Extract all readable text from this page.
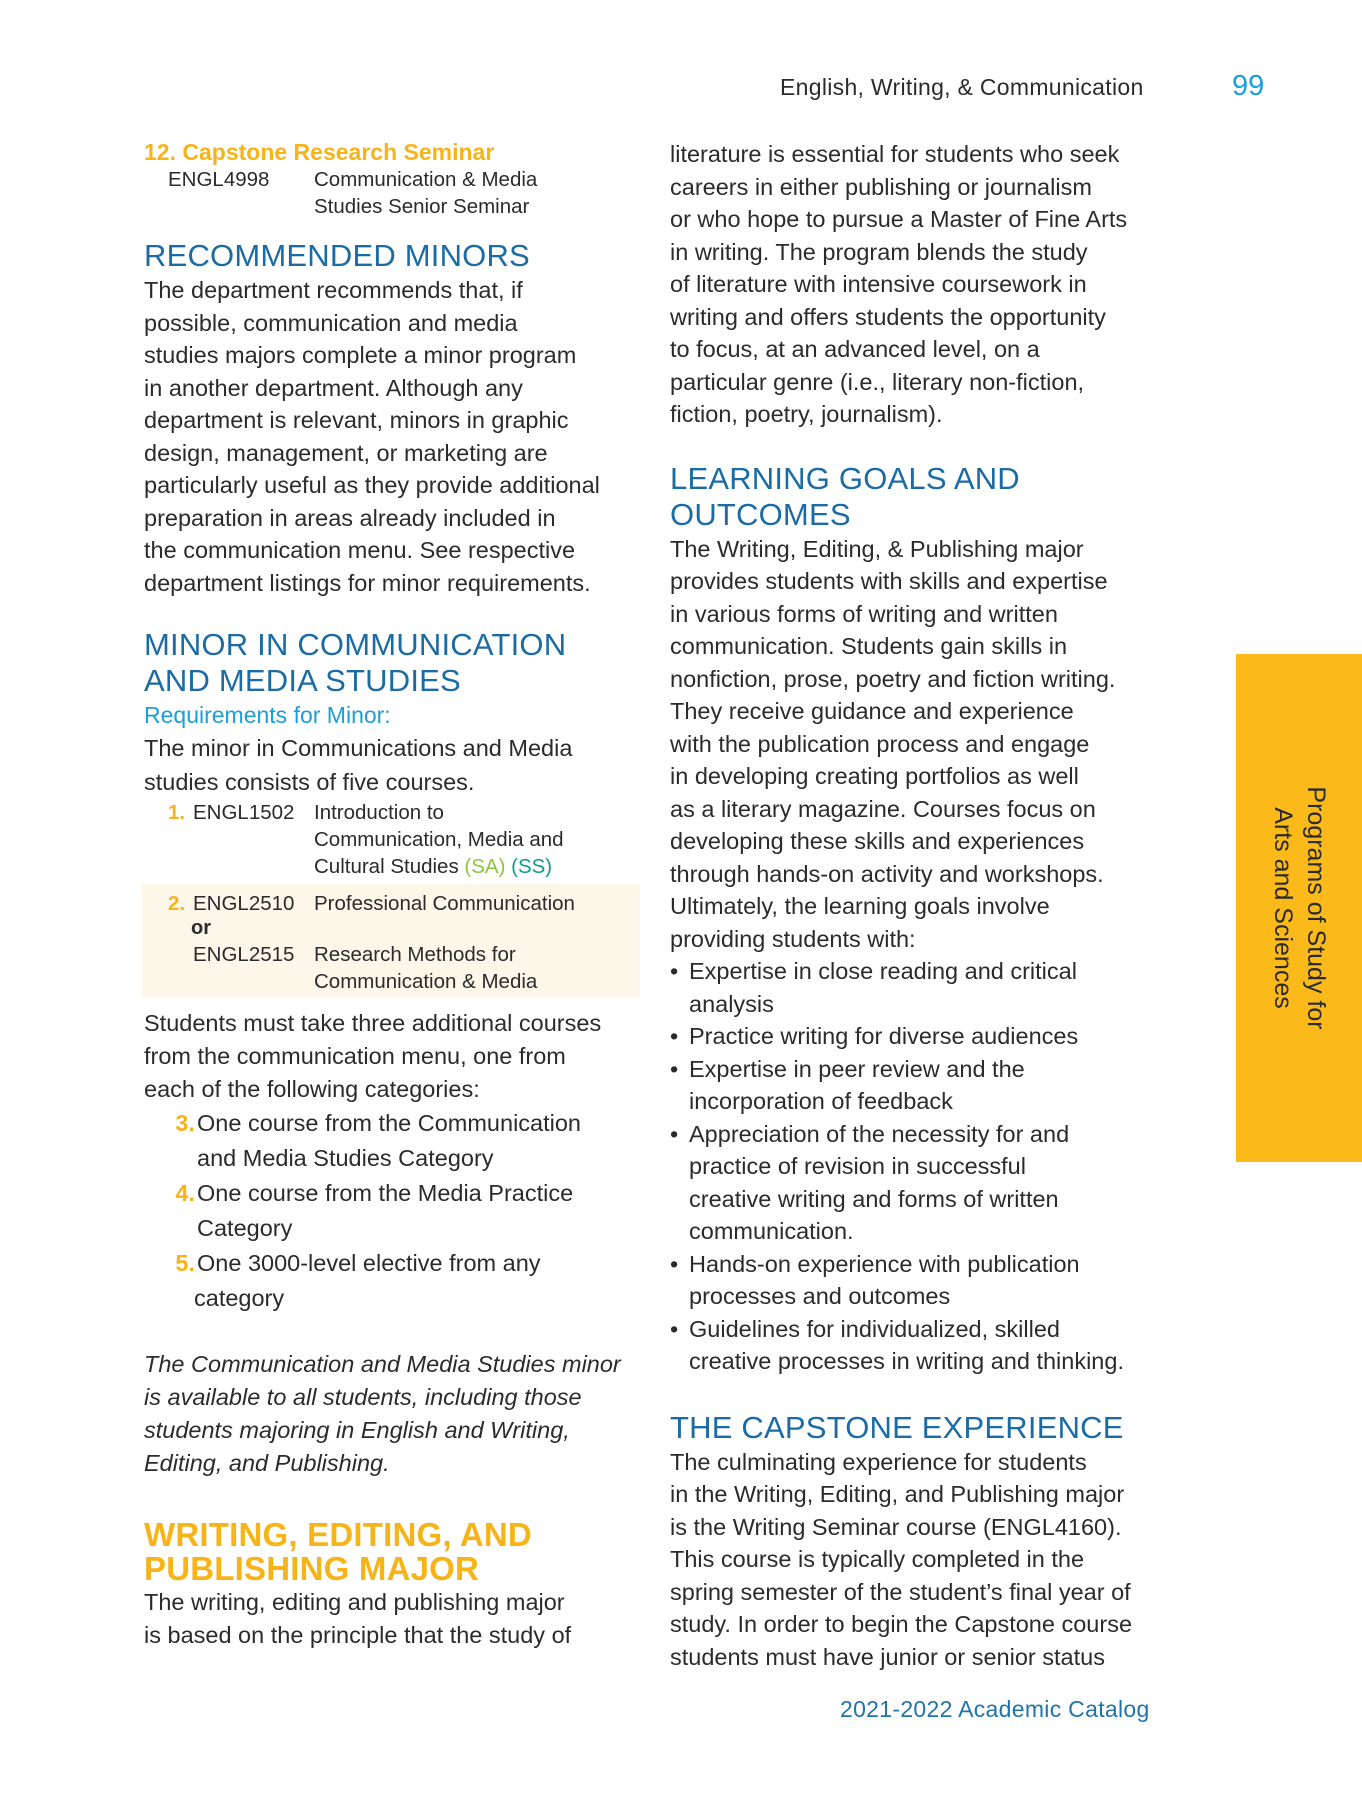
English, Writing, & Communication	99
Programs of Study for
Arts and Sciences
12. Capstone Research Seminar
ENGL4998	Communication & Media
Studies Senior Seminar
RECOMMENDED MINORS

The department recommends that, if

possible, communication and media

studies majors complete a minor program

in another department. Although any

department is relevant, minors in graphic

design, management, or marketing are

particularly useful as they provide additional

preparation in areas already included in

the communication menu. See respective

department listings for minor requirements.

MINOR IN COMMUNICATION
AND MEDIA STUDIES
Requirements for Minor:

The minor in Communications and Media

studies consists of five courses.

1. ENGL1502 Introduction to
Communication, Media and
Cultural Studies (SA) (SS)
2. ENGL2510 Professional Communication
or
ENGL2515 Research Methods for
Communication & Media

Students must take three additional courses

from the communication menu, one from

each of the following categories:

3. One course from the Communication
and Media Studies Category
4. One course from the Media Practice
Category
5. One 3000-level elective from any
category

The Communication and Media Studies minor

is available to all students, including those

students majoring in English and Writing,

Editing, and Publishing.

WRITING, EDITING, AND
PUBLISHING MAJOR

The writing, editing and publishing major

is based on the principle that the study of

literature is essential for students who seek

careers in either publishing or journalism

or who hope to pursue a Master of Fine Arts

in writing. The program blends the study

of literature with intensive coursework in

writing and offers students the opportunity

to focus, at an advanced level, on a

particular genre (i.e., literary non-fiction,

fiction, poetry, journalism).

LEARNING GOALS AND
OUTCOMES

The Writing, Editing, & Publishing major

provides students with skills and expertise

in various forms of writing and written

communication. Students gain skills in

nonfiction, prose, poetry and fiction writing.

They receive guidance and experience

with the publication process and engage

in developing creating portfolios as well

as a literary magazine. Courses focus on

developing these skills and experiences

through hands-on activity and workshops.

Ultimately, the learning goals involve

providing students with:

• Expertise in close reading and critical
analysis
• Practice writing for diverse audiences
• Expertise in peer review and the
incorporation of feedback
• Appreciation of the necessity for and
practice of revision in successful
creative writing and forms of written
communication.
• Hands-on experience with publication
processes and outcomes
• Guidelines for individualized, skilled
creative processes in writing and thinking.
THE CAPSTONE EXPERIENCE

The culminating experience for students

in the Writing, Editing, and Publishing major

is the Writing Seminar course (ENGL4160).

This course is typically completed in the

spring semester of the student’s final year of

study. In order to begin the Capstone course

students must have junior or senior status

2021-2022 Academic Catalog
